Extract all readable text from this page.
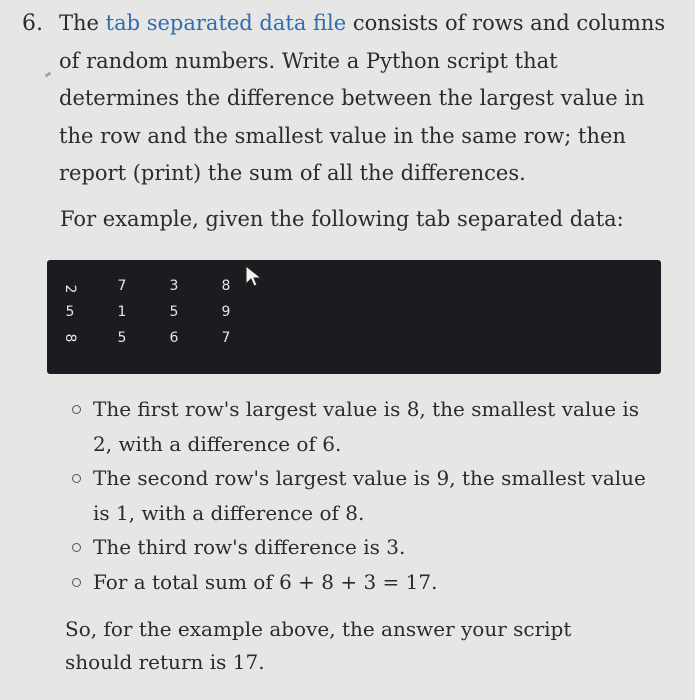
6. The tab separated data file consists of rows and columns

of random numbers. Write a Python script that

determines the difference between the largest value in

the row and the smallest value in the same row; then

report (print) the sum of all the differences.

For example, given the following tab separated data:
2	7	3	8
5	1	5	9
8	5	6	7

The first row's largest value is 8, the smallest value is

2, with a difference of 6.

The second row's largest value is 9, the smallest value

is 1, with a difference of 8.

The third row's difference is 3.

For a total sum of 6 + 8 + 3 = 17.

So, for the example above, the answer your script

should return is 17.
